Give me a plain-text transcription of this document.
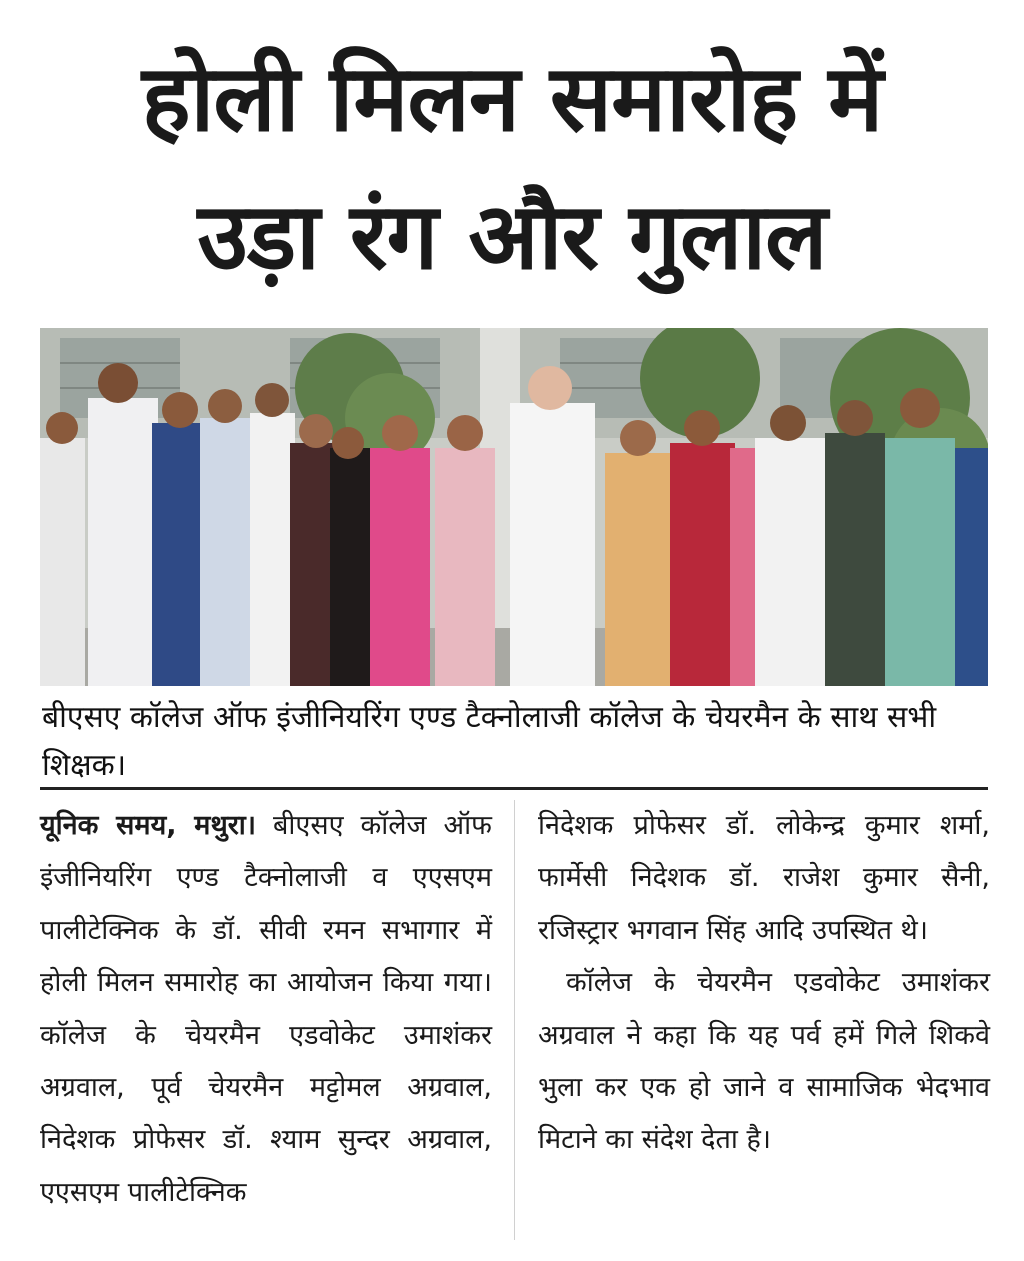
होली मिलन समारोह में
उड़ा रंग और गुलाल
बीएसए कॉलेज ऑफ इंजीनियरिंग एण्ड टैक्नोलाजी कॉलेज के चेयरमैन के साथ सभी शिक्षक।

यूनिक समय, मथुरा। बीएसए कॉलेज ऑफ इंजीनियरिंग एण्ड टैक्नोलाजी व एएसएम पालीटेक्निक के डॉ. सीवी रमन सभागार में होली मिलन समारोह का आयोजन किया गया। कॉलेज के चेयरमैन एडवोकेट उमाशंकर अग्रवाल, पूर्व चेयरमैन मट्टोमल अग्रवाल, निदेशक प्रोफेसर डॉ. श्याम सुन्दर अग्रवाल, एएसएम पालीटेक्निक

निदेशक प्रोफेसर डॉ. लोकेन्द्र कुमार शर्मा, फार्मेसी निदेशक डॉ. राजेश कुमार सैनी, रजिस्ट्रार भगवान सिंह आदि उपस्थित थे।

कॉलेज के चेयरमैन एडवोकेट उमाशंकर अग्रवाल ने कहा कि यह पर्व हमें गिले शिकवे भुला कर एक हो जाने व सामाजिक भेदभाव मिटाने का संदेश देता है।
